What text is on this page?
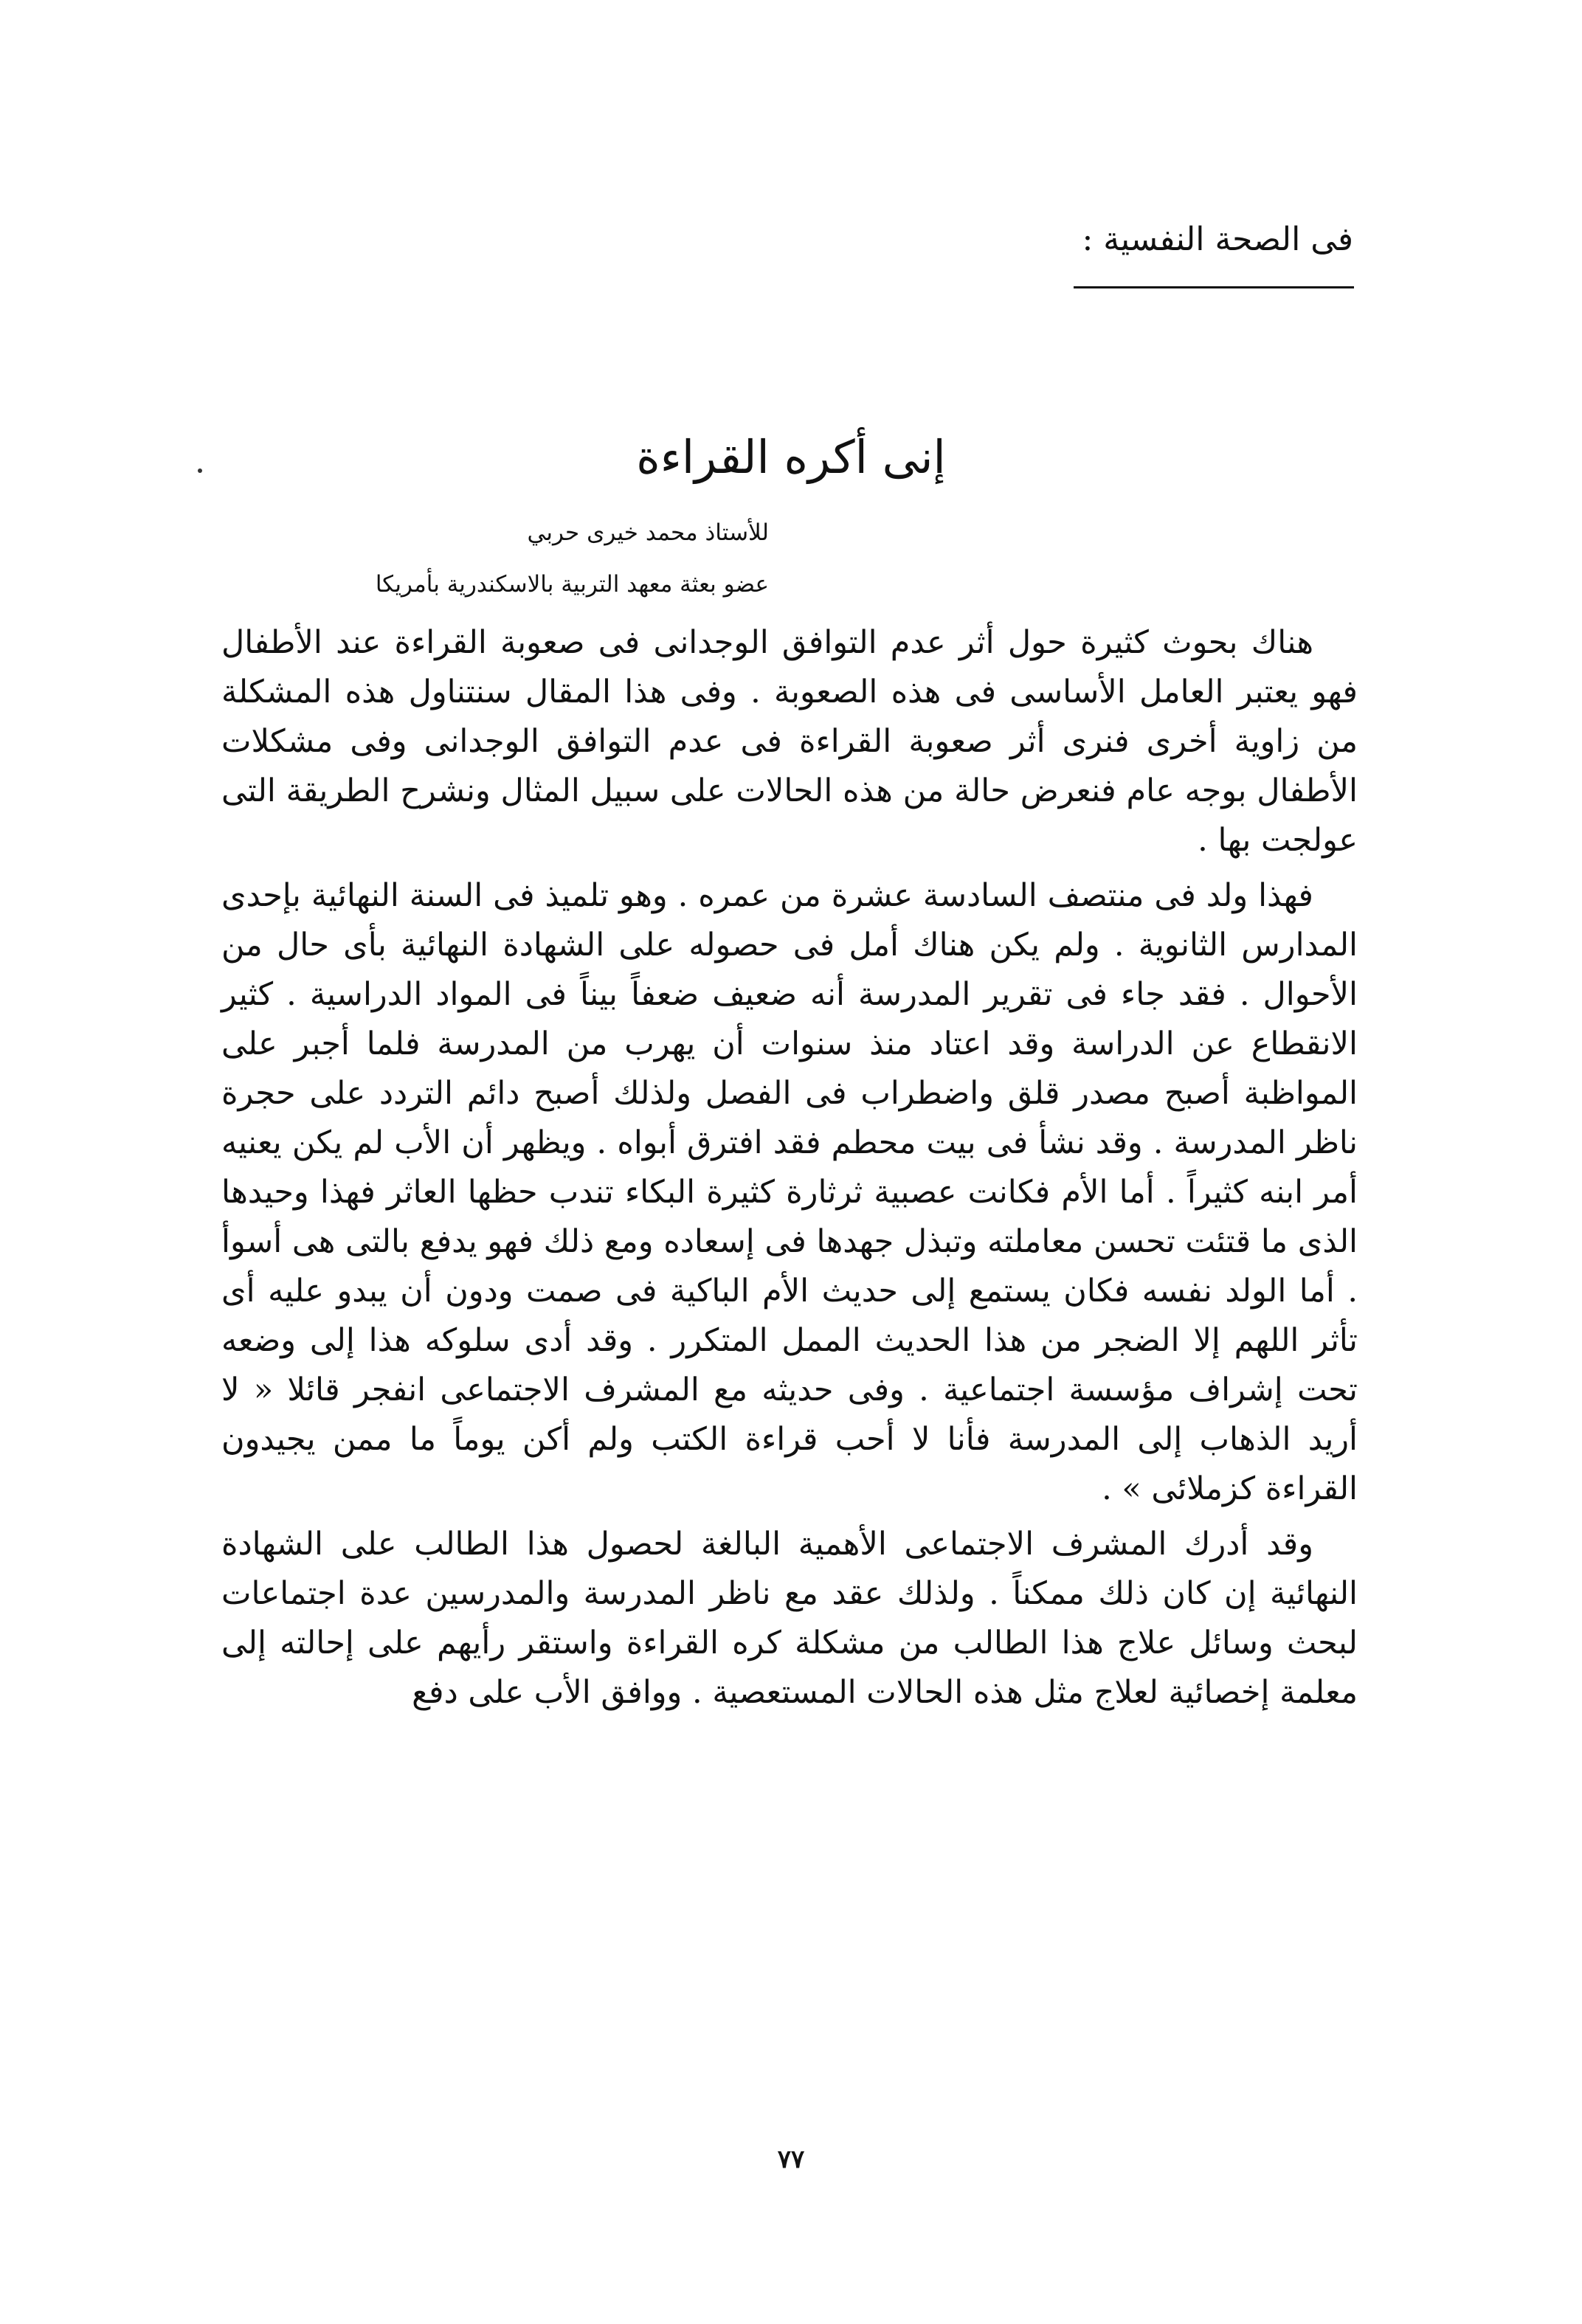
فى الصحة النفسية :
إنى أكره القراءة
للأستاذ محمد خيرى حربي
عضو بعثة معهد التربية بالاسكندرية بأمريكا

هناك بحوث كثيرة حول أثر عدم التوافق الوجدانى فى صعوبة القراءة عند الأطفال فهو يعتبر العامل الأساسى فى هذه الصعوبة . وفى هذا المقال سنتناول هذه المشكلة من زاوية أخرى فنرى أثر صعوبة القراءة فى عدم التوافق الوجدانى وفى مشكلات الأطفال بوجه عام فنعرض حالة من هذه الحالات على سبيل المثال ونشرح الطريقة التى عولجت بها .

فهذا ولد فى منتصف السادسة عشرة من عمره . وهو تلميذ فى السنة النهائية بإحدى المدارس الثانوية . ولم يكن هناك أمل فى حصوله على الشهادة النهائية بأى حال من الأحوال . فقد جاء فى تقرير المدرسة أنه ضعيف ضعفاً بيناً فى المواد الدراسية . كثير الانقطاع عن الدراسة وقد اعتاد منذ سنوات أن يهرب من المدرسة فلما أجبر على المواظبة أصبح مصدر قلق واضطراب فى الفصل ولذلك أصبح دائم التردد على حجرة ناظر المدرسة . وقد نشأ فى بيت محطم فقد افترق أبواه . ويظهر أن الأب لم يكن يعنيه أمر ابنه كثيراً . أما الأم فكانت عصبية ثرثارة كثيرة البكاء تندب حظها العاثر فهذا وحيدها الذى ما قتئت تحسن معاملته وتبذل جهدها فى إسعاده ومع ذلك فهو يدفع بالتى هى أسوأ . أما الولد نفسه فكان يستمع إلى حديث الأم الباكية فى صمت ودون أن يبدو عليه أى تأثر اللهم إلا الضجر من هذا الحديث الممل المتكرر . وقد أدى سلوكه هذا إلى وضعه تحت إشراف مؤسسة اجتماعية . وفى حديثه مع المشرف الاجتماعى انفجر قائلا « لا أريد الذهاب إلى المدرسة فأنا لا أحب قراءة الكتب ولم أكن يوماً ما ممن يجيدون القراءة كزملائى » .

وقد أدرك المشرف الاجتماعى الأهمية البالغة لحصول هذا الطالب على الشهادة النهائية إن كان ذلك ممكناً . ولذلك عقد مع ناظر المدرسة والمدرسين عدة اجتماعات لبحث وسائل علاج هذا الطالب من مشكلة كره القراءة واستقر رأيهم على إحالته إلى معلمة إخصائية لعلاج مثل هذه الحالات المستعصية . ووافق الأب على دفع

٧٧
